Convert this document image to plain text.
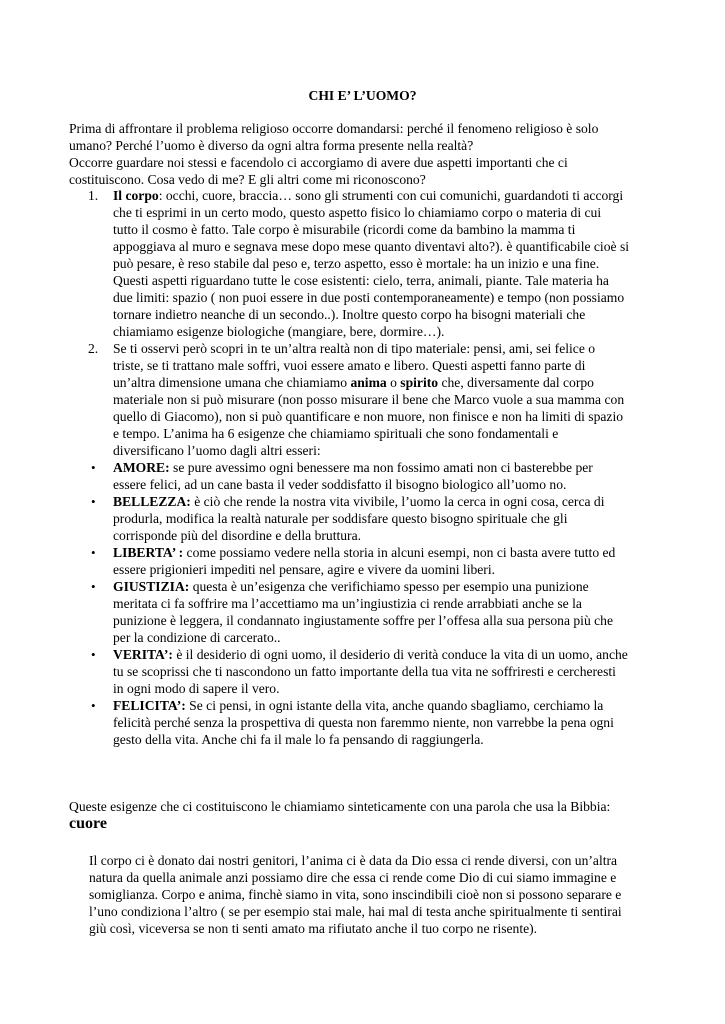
CHI E’ L’UOMO?

Prima di affrontare il problema religioso occorre domandarsi: perché il fenomeno religioso è solo umano? Perché l’uomo è diverso da ogni altra forma presente nella realtà?

Occorre guardare noi stessi e facendolo ci accorgiamo di avere due aspetti importanti che ci costituiscono. Cosa vedo di me? E gli altri come mi riconoscono?

1. Il corpo: occhi, cuore, braccia… sono gli strumenti con cui comunichi, guardandoti ti accorgi che ti esprimi in un certo modo, questo aspetto fisico lo chiamiamo corpo o materia di cui tutto il cosmo è fatto. Tale corpo è misurabile (ricordi come da bambino la mamma ti appoggiava al muro e segnava mese dopo mese quanto diventavi alto?). è quantificabile cioè si può pesare, è reso stabile dal peso e, terzo aspetto, esso è mortale: ha un inizio e una fine. Questi aspetti riguardano tutte le cose esistenti: cielo, terra, animali, piante. Tale materia ha due limiti: spazio ( non puoi essere in due posti contemporaneamente) e tempo (non possiamo tornare indietro neanche di un secondo..). Inoltre questo corpo ha bisogni materiali che chiamiamo esigenze biologiche (mangiare, bere, dormire…).
2. Se ti osservi però scopri in te un’altra realtà non di tipo materiale: pensi, ami, sei felice o triste, se ti trattano male soffri, vuoi essere amato e libero. Questi aspetti fanno parte di un’altra dimensione umana che chiamiamo anima o spirito che, diversamente dal corpo materiale non si può misurare (non posso misurare il bene che Marco vuole a sua mamma con quello di Giacomo), non si può quantificare e non muore, non finisce e non ha limiti di spazio e tempo. L’anima ha 6 esigenze che chiamiamo spirituali che sono fondamentali e diversificano l’uomo dagli altri esseri:
• AMORE: se pure avessimo ogni benessere ma non fossimo amati non ci basterebbe per essere felici, ad un cane basta il veder soddisfatto il bisogno biologico all’uomo no.
• BELLEZZA: è ciò che rende la nostra vita vivibile, l’uomo la cerca in ogni cosa, cerca di produrla, modifica la realtà naturale per soddisfare questo bisogno spirituale che gli corrisponde più del disordine e della bruttura.
• LIBERTA’ : come possiamo vedere nella storia in alcuni esempi, non ci basta avere tutto ed essere prigionieri impediti nel pensare, agire e vivere da uomini liberi.
• GIUSTIZIA: questa è un’esigenza che verifichiamo spesso per esempio una punizione meritata ci fa soffrire ma l’accettiamo ma un’ingiustizia ci rende arrabbiati anche se la punizione è leggera, il condannato ingiustamente soffre per l’offesa alla sua persona più che per la condizione di carcerato..
• VERITA’: è il desiderio di ogni uomo, il desiderio di verità conduce la vita di un uomo, anche tu se scoprissi che ti nascondono un fatto importante della tua vita ne soffriresti e cercheresti in ogni modo di sapere il vero.
• FELICITA’: Se ci pensi, in ogni istante della vita, anche quando sbagliamo, cerchiamo la felicità perché senza la prospettiva di questa non faremmo niente, non varrebbe la pena ogni gesto della vita. Anche chi fa il male lo fa pensando di raggiungerla.
Queste esigenze che ci costituiscono le chiamiamo sinteticamente con una parola che usa la Bibbia: cuore
Il corpo ci è donato dai nostri genitori, l’anima ci è data da Dio essa ci rende diversi, con un’altra natura da quella animale anzi possiamo dire che essa ci rende come Dio di cui siamo immagine e somiglianza. Corpo e anima, finchè siamo in vita, sono inscindibili cioè non si possono separare e l’uno condiziona l’altro ( se per esempio stai male, hai mal di testa anche spiritualmente ti sentirai giù così, viceversa se non ti senti amato ma rifiutato anche il tuo corpo ne risente).
